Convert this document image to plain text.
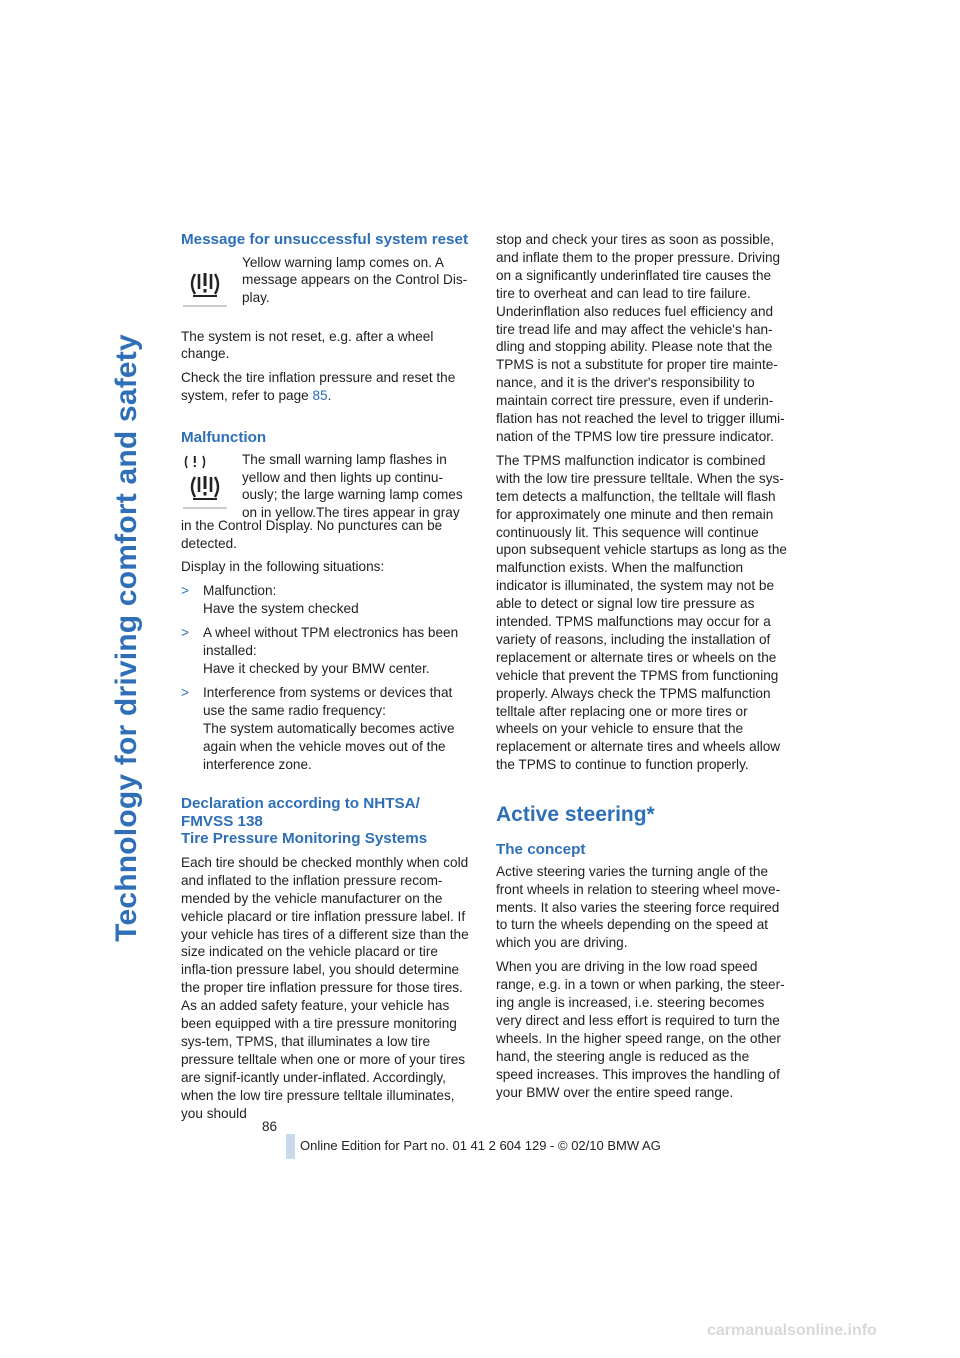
Technology for driving comfort and safety
Message for unsuccessful system reset

Yellow warning lamp comes on. A message appears on the Control Dis-play.

The system is not reset, e.g. after a wheel change.

Check the tire inflation pressure and reset the system, refer to page 85.

Malfunction

The small warning lamp flashes in yellow and then lights up continu-ously; the large warning lamp comes on in yellow.The tires appear in gray

in the Control Display. No punctures can be detected.

Display in the following situations:

>	Malfunction:
Have the system checked
>	A wheel without TPM electronics has been installed:
Have it checked by your BMW center.
>	Interference from systems or devices that use the same radio frequency:
The system automatically becomes active again when the vehicle moves out of the interference zone.
Declaration according to NHTSA/ FMVSS 138
Tire Pressure Monitoring Systems

Each tire should be checked monthly when cold and inflated to the inflation pressure recom-mended by the vehicle manufacturer on the vehicle placard or tire inflation pressure label. If your vehicle has tires of a different size than the size indicated on the vehicle placard or tire infla-tion pressure label, you should determine the proper tire inflation pressure for those tires. As an added safety feature, your vehicle has been equipped with a tire pressure monitoring sys-tem, TPMS, that illuminates a low tire pressure telltale when one or more of your tires are signif-icantly under-inflated. Accordingly, when the low tire pressure telltale illuminates, you should

stop and check your tires as soon as possible, and inflate them to the proper pressure. Driving on a significantly underinflated tire causes the tire to overheat and can lead to tire failure. Underinflation also reduces fuel efficiency and tire tread life and may affect the vehicle's han-dling and stopping ability. Please note that the TPMS is not a substitute for proper tire mainte-nance, and it is the driver's responsibility to maintain correct tire pressure, even if underin-flation has not reached the level to trigger illumi-nation of the TPMS low tire pressure indicator.

The TPMS malfunction indicator is combined with the low tire pressure telltale. When the sys-tem detects a malfunction, the telltale will flash for approximately one minute and then remain continuously lit. This sequence will continue upon subsequent vehicle startups as long as the malfunction exists. When the malfunction indicator is illuminated, the system may not be able to detect or signal low tire pressure as intended. TPMS malfunctions may occur for a variety of reasons, including the installation of replacement or alternate tires or wheels on the vehicle that prevent the TPMS from functioning properly. Always check the TPMS malfunction telltale after replacing one or more tires or wheels on your vehicle to ensure that the replacement or alternate tires and wheels allow the TPMS to continue to function properly.

Active steering*
The concept

Active steering varies the turning angle of the front wheels in relation to steering wheel move-ments. It also varies the steering force required to turn the wheels depending on the speed at which you are driving.

When you are driving in the low road speed range, e.g. in a town or when parking, the steer-ing angle is increased, i.e. steering becomes very direct and less effort is required to turn the wheels. In the higher speed range, on the other hand, the steering angle is reduced as the speed increases. This improves the handling of your BMW over the entire speed range.

86
Online Edition for Part no. 01 41 2 604 129 - © 02/10 BMW AG
carmanualsonline.info
